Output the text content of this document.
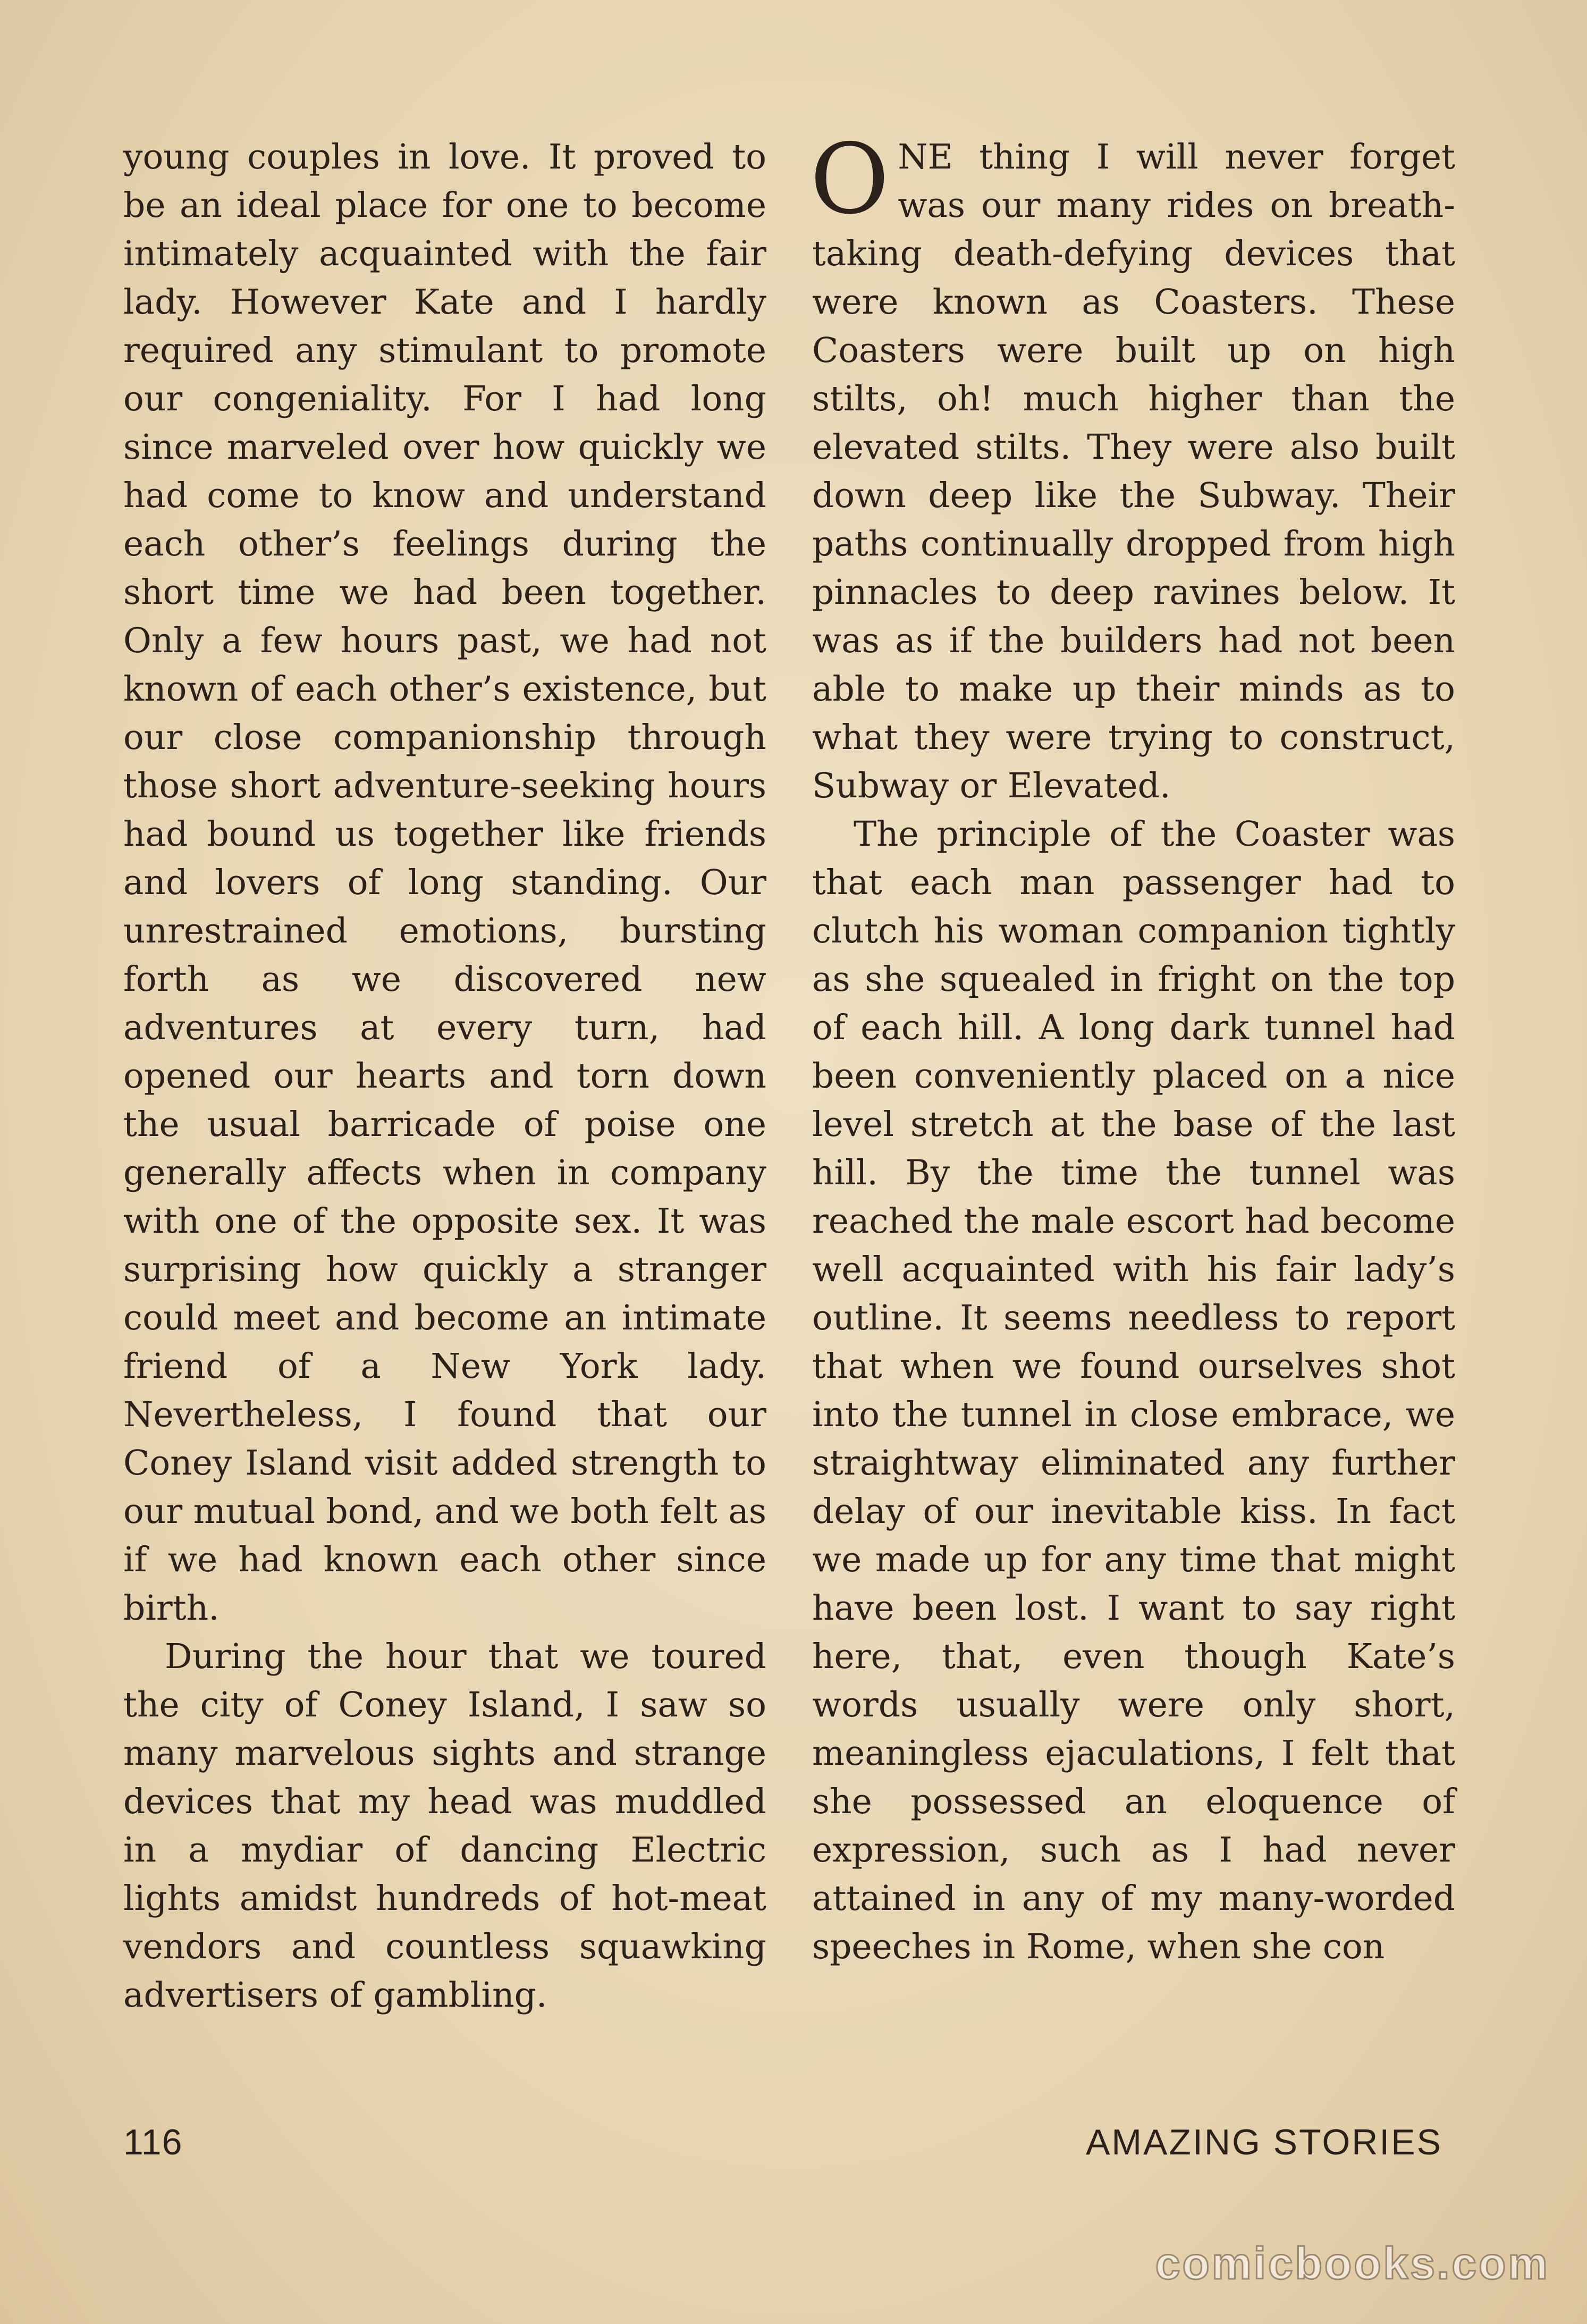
young couples in love. It proved to be an ideal place for one to become intimately acquainted with the fair lady. However Kate and I hardly required any stimulant to promote our congeniality. For I had long since marveled over how quickly we had come to know and understand each other’s feelings during the short time we had been together. Only a few hours past, we had not known of each other’s existence, but our close companionship through those short adventure-seeking hours had bound us together like friends and lovers of long standing. Our unrestrained emotions, bursting forth as we discovered new adventures at every turn, had opened our hearts and torn down the usual barricade of poise one generally affects when in company with one of the opposite sex. It was surprising how quickly a stranger could meet and become an intimate friend of a New York lady. Nevertheless, I found that our Coney Island visit added strength to our mutual bond, and we both felt as if we had known each other since birth.

During the hour that we toured the city of Coney Island, I saw so many marvelous sights and strange devices that my head was muddled in a mydiar of dancing Electric lights amidst hundreds of hot-meat vendors and countless squawking advertisers of gambling.

ONE thing I will never forget was our many rides on breath-taking death-defying devices that were known as Coasters. These Coasters were built up on high stilts, oh! much higher than the elevated stilts. They were also built down deep like the Subway. Their paths continually dropped from high pinnacles to deep ravines below. It was as if the builders had not been able to make up their minds as to what they were trying to construct, Subway or Elevated.

The principle of the Coaster was that each man passenger had to clutch his woman companion tightly as she squealed in fright on the top of each hill. A long dark tunnel had been conveniently placed on a nice level stretch at the base of the last hill. By the time the tunnel was reached the male escort had become well acquainted with his fair lady’s outline. It seems needless to report that when we found ourselves shot into the tunnel in close embrace, we straightway eliminated any further delay of our inevitable kiss. In fact we made up for any time that might have been lost. I want to say right here, that, even though Kate’s words usually were only short, meaningless ejaculations, I felt that she possessed an eloquence of expression, such as I had never attained in any of my many-worded speeches in Rome, when she con

116	AMAZING STORIES
comicbooks.com
